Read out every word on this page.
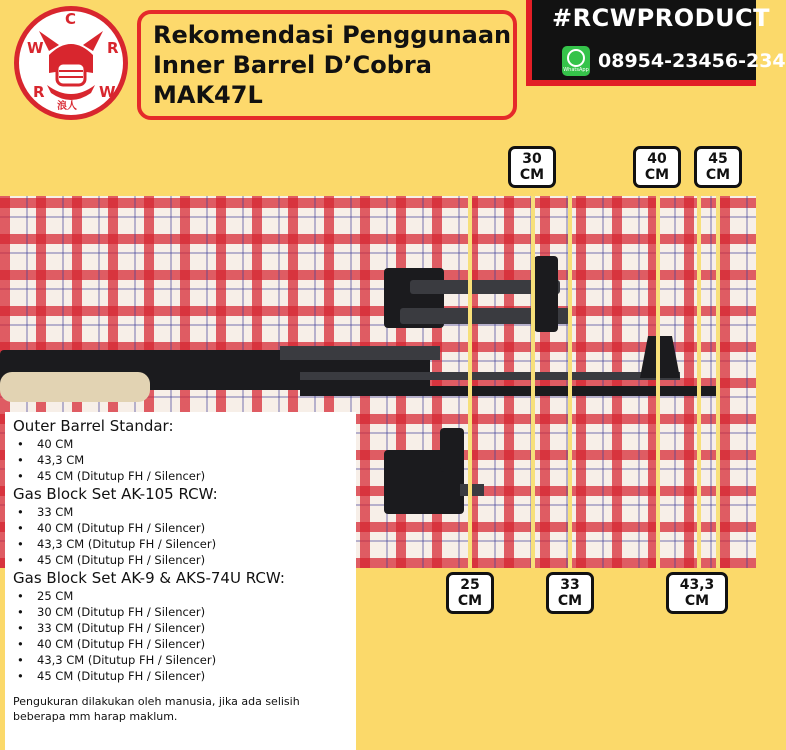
C
W	R
R
浪人
W
Rekomendasi Penggunaan
Inner Barrel D’Cobra
MAK47L
#RCWPRODUCT
WhatsApp 08954-23456-234
30
CM
40
CM
45
CM
25
CM
33
CM
43,3
CM
Outer Barrel Standar:
• 40 CM
• 43,3 CM
• 45 CM (Ditutup FH / Silencer)
Gas Block Set AK-105 RCW:
• 33 CM
• 40 CM (Ditutup FH / Silencer)
• 43,3 CM (Ditutup FH / Silencer)
• 45 CM (Ditutup FH / Silencer)
Gas Block Set AK-9 & AKS-74U RCW:
• 25 CM
• 30 CM (Ditutup FH / Silencer)
• 33 CM (Ditutup FH / Silencer)
• 40 CM (Ditutup FH / Silencer)
• 43,3 CM (Ditutup FH / Silencer)
• 45 CM (Ditutup FH / Silencer)
Pengukuran dilakukan oleh manusia, jika ada selisih beberapa mm harap maklum.
